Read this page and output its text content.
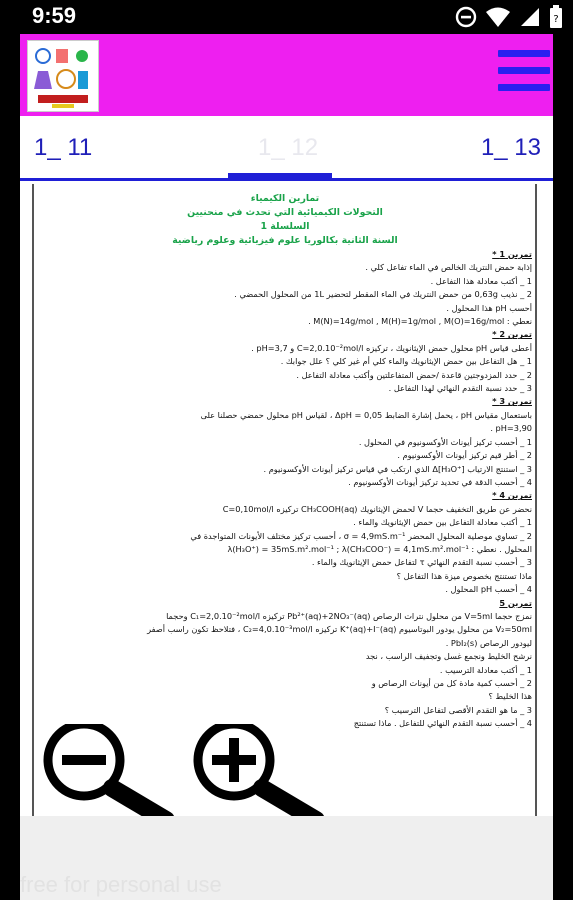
9:59	?
1_ 11	1_ 12	1_ 13
تمارين الكيمياء
التحولات الكيميائية التي تحدث في منحنيين
السلسلة 1
السنة الثانية بكالوريا علوم فيزيائية وعلوم رياضية
تمرين 1 *
إذابة حمض النتريك الخالص في الماء تفاعل كلي .
1 _ أكتب معادلة هذا التفاعل .
2 _ نذيب 0,63g من حمض النتريك في الماء المقطر لتحضير 1L من المحلول الحمضي .
أحسب pH هذا المحلول .
نعطي : M(N)=14g/mol , M(H)=1g/mol , M(O)=16g/mol .
تمرين 2 *
أعطى قياس pH محلول حمض الإيثانويك ، تركيزه C=2,0.10⁻²mol/l و pH=3,7 .
1 _ هل التفاعل بين حمض الإيثانويك والماء كلي أم غير كلي ؟ علل جوابك .
2 _ حدد المزدوجتين قاعدة /حمض المتفاعلتين وأكتب معادلة التفاعل .
3 _ حدد نسبة التقدم النهائي لهذا التفاعل .
تمرين 3 *
باستعمال مقياس pH ، يحمل إشارة الضابط ΔpH = 0,05 ، لقياس pH محلول حمضي حصلنا على
pH=3,90 .
1 _ أحسب تركيز أيونات الأوكسونيوم في المحلول .
2 _ أطر قيم تركيز أيونات الأوكسونيوم .
3 _ استنتج الارتياب Δ[H₃O⁺] الذي ارتكب في قياس تركيز أيونات الأوكسونيوم .
4 _ أحسب الدقة في تحديد تركيز أيونات الأوكسونيوم .
تمرين 4 *
نحضر عن طريق التخفيف حجما V لحمض الإيثانويك CH₃COOH(aq) تركيزه C=0,10mol/l
1 _ أكتب معادلة التفاعل بين حمض الإيثانويك والماء .
2 _ تساوي موصلية المحلول المحضر σ = 4,9mS.m⁻¹ ، أحسب تركيز مختلف الأيونات المتواجدة في
المحلول . نعطي : λ(H₃O⁺) = 35mS.m².mol⁻¹ ; λ(CH₃COO⁻) = 4,1mS.m².mol⁻¹
3 _ أحسب نسبة التقدم النهائي τ لتفاعل حمض الإيثانويك والماء .
ماذا تستنتج بخصوص ميزة هذا التفاعل ؟
4 _ أحسب pH المحلول .
تمرين 5
نمزج حجما V=5ml من محلول نترات الرصاص Pb²⁺(aq)+2NO₃⁻(aq) تركيزه C₁=2,0.10⁻²mol/l وحجما
V₂=50ml من محلول يودور البوتاسيوم K⁺(aq)+I⁻(aq) تركيزه C₂=4,0.10⁻³mol/l ، فتلاحظ تكون راسب أصفر
ليودور الرصاص PbI₂(s) .
نرشح الخليط ونجمع غسل وتجفيف الراسب ، نجد
1 _ أكتب معادلة الترسيب .
2 _ أحسب كمية مادة كل من أيونات الرصاص و
هذا الخليط ؟
3 _ ما هو التقدم الأقصى لتفاعل الترسيب ؟
4 _ أحسب نسبة التقدم النهائي للتفاعل . ماذا تستنتج
free for personal use
